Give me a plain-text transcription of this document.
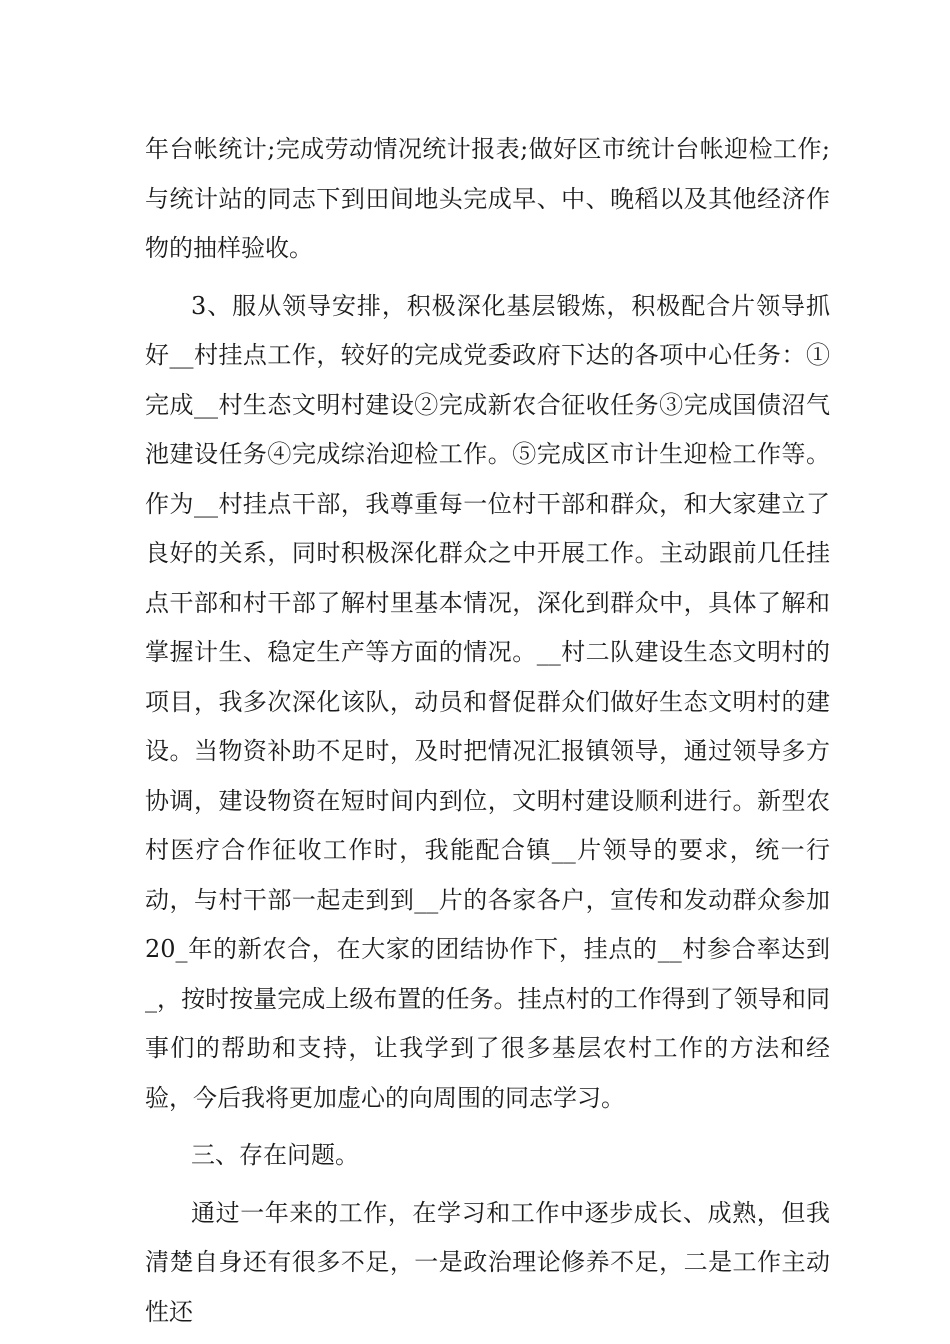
年台帐统计;完成劳动情况统计报表;做好区市统计台帐迎检工作;与统计站的同志下到田间地头完成早、中、晚稻以及其他经济作物的抽样验收。

3、服从领导安排，积极深化基层锻炼，积极配合片领导抓好__村挂点工作，较好的完成党委政府下达的各项中心任务：①完成__村生态文明村建设②完成新农合征收任务③完成国债沼气池建设任务④完成综治迎检工作。⑤完成区市计生迎检工作等。作为__村挂点干部，我尊重每一位村干部和群众，和大家建立了良好的关系，同时积极深化群众之中开展工作。主动跟前几任挂点干部和村干部了解村里基本情况，深化到群众中，具体了解和掌握计生、稳定生产等方面的情况。__村二队建设生态文明村的项目，我多次深化该队，动员和督促群众们做好生态文明村的建设。当物资补助不足时，及时把情况汇报镇领导，通过领导多方协调，建设物资在短时间内到位，文明村建设顺利进行。新型农村医疗合作征收工作时，我能配合镇__片领导的要求，统一行动，与村干部一起走到到__片的各家各户，宣传和发动群众参加20_年的新农合，在大家的团结协作下，挂点的__村参合率达到_，按时按量完成上级布置的任务。挂点村的工作得到了领导和同事们的帮助和支持，让我学到了很多基层农村工作的方法和经验，今后我将更加虚心的向周围的同志学习。

三、存在问题。

通过一年来的工作，在学习和工作中逐步成长、成熟，但我清楚自身还有很多不足，一是政治理论修养不足，二是工作主动性还
